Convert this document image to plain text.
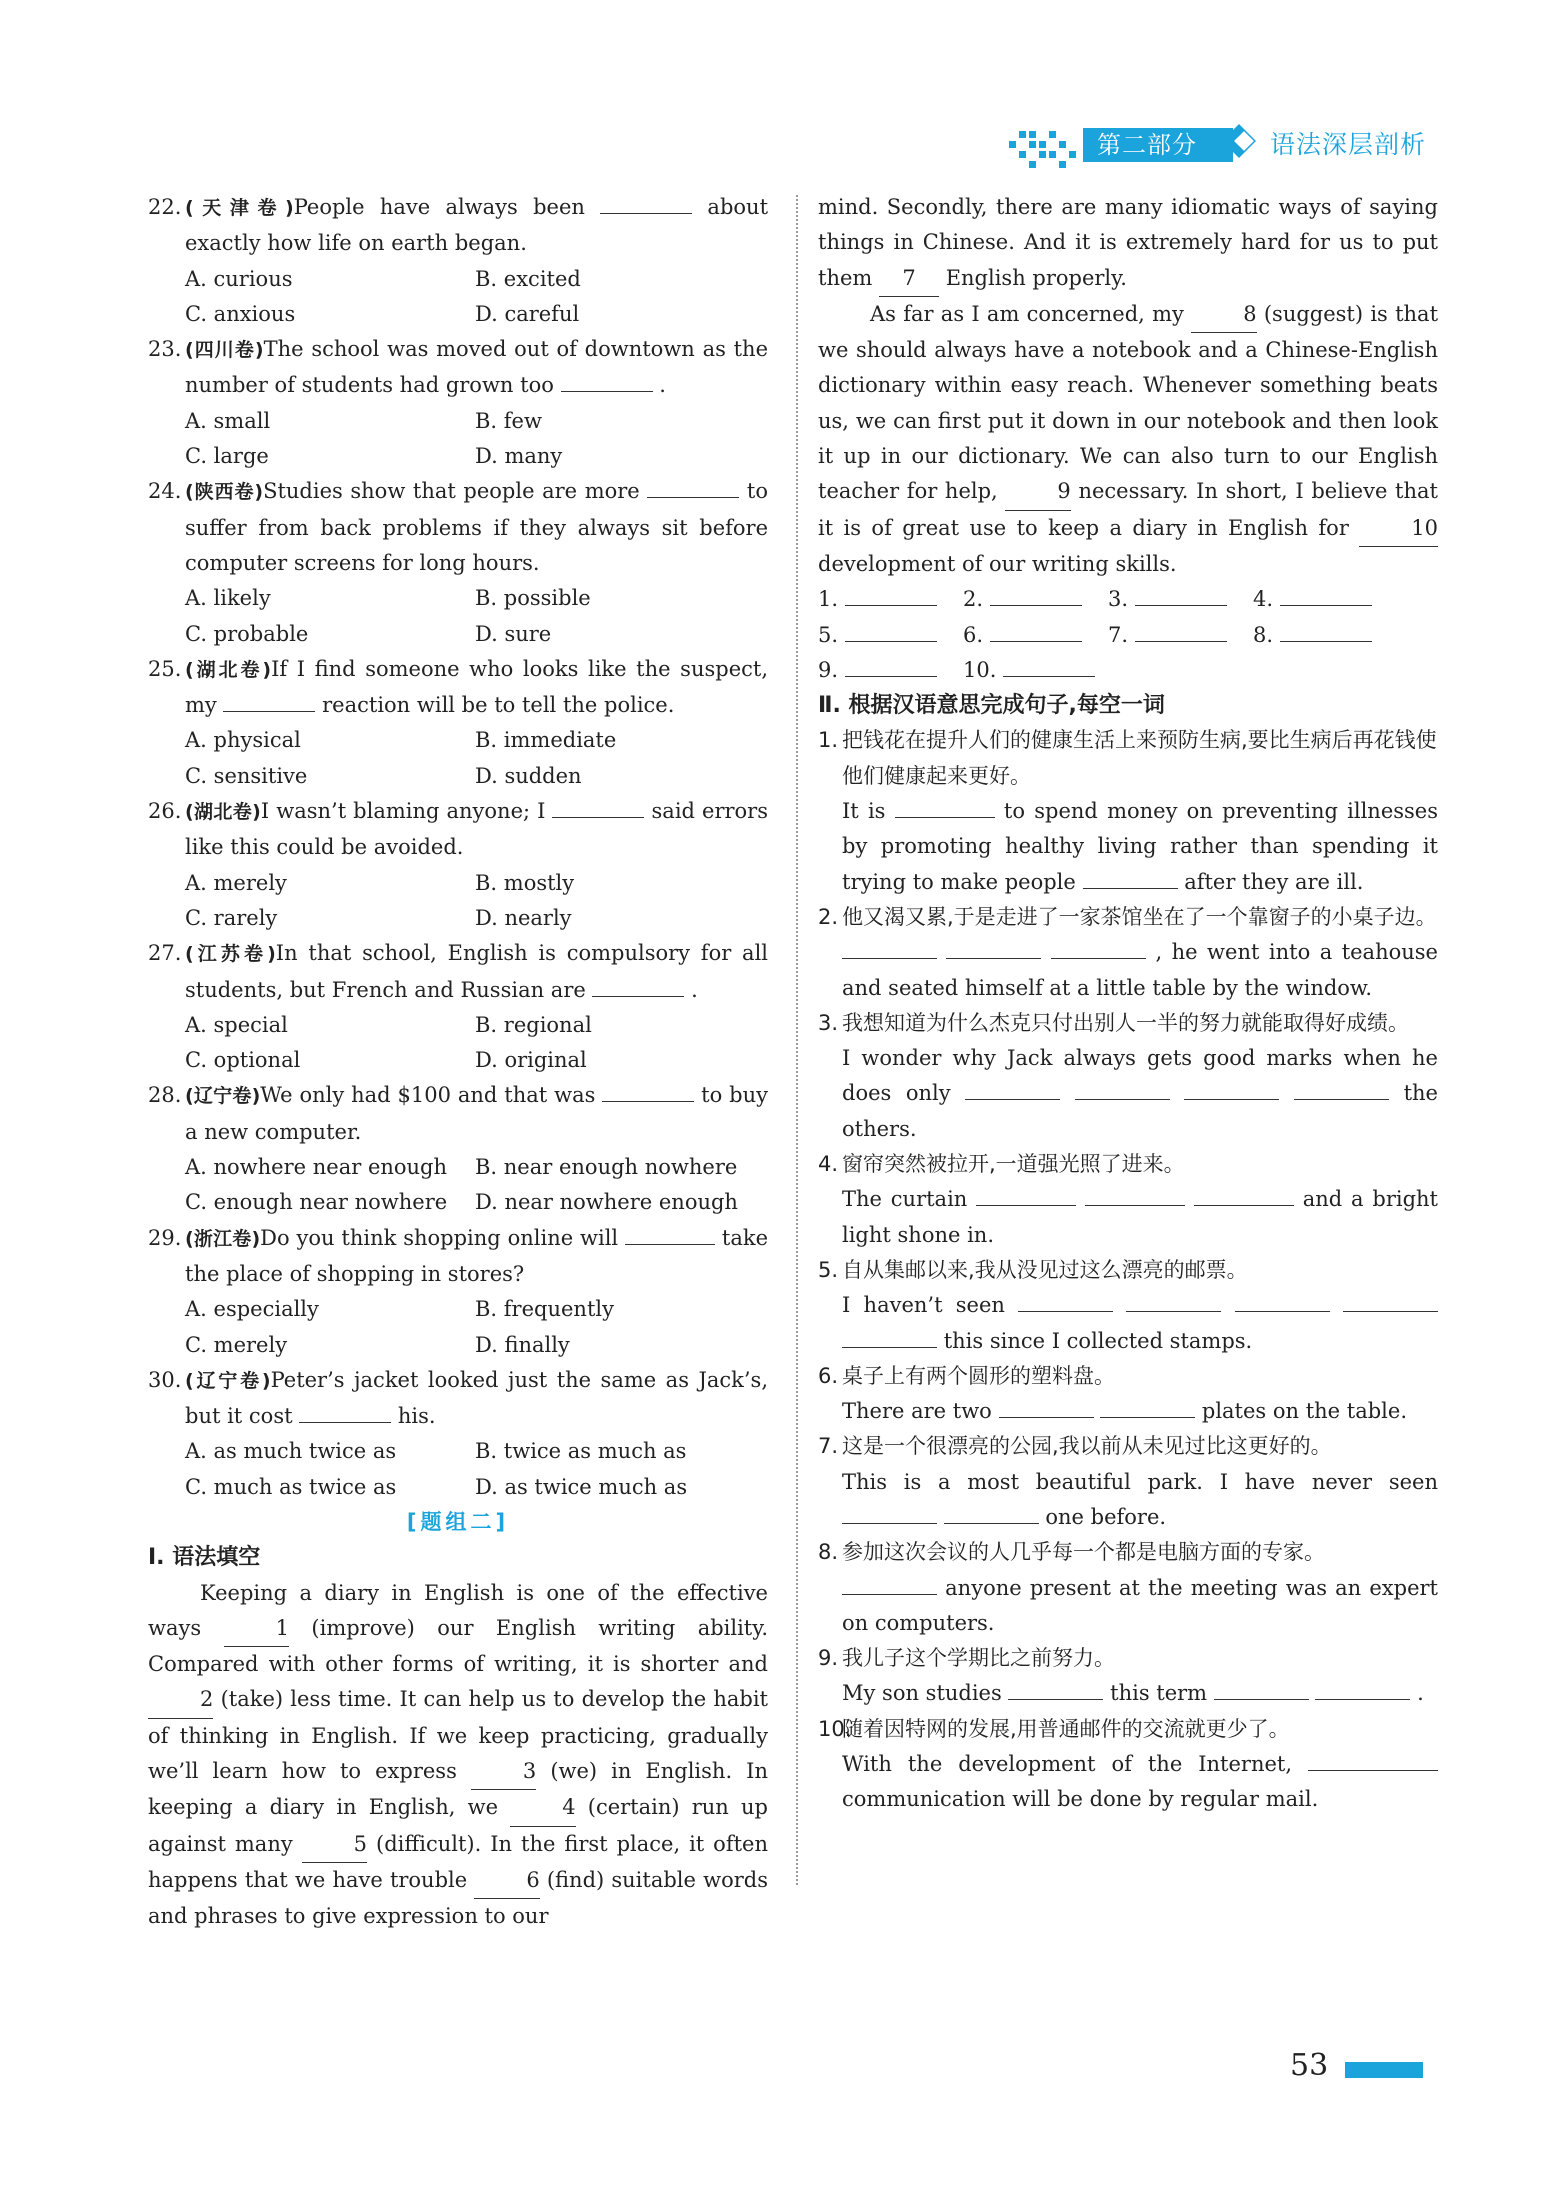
第二部分	语法深层剖析
22. (天津卷)People have always been	about exactly how life on earth began.
A. curious	B. excited
C. anxious	D. careful
23. (四川卷)The school was moved out of downtown as the number of students had grown too	.
A. small	B. few
C. large	D. many
24. (陕西卷)Studies show that people are more	to suffer from back problems if they always sit before computer screens for long hours.
A. likely	B. possible
C. probable	D. sure
25. (湖北卷)If I find someone who looks like the suspect, my	reaction will be to tell the police.
A. physical	B. immediate
C. sensitive	D. sudden
26. (湖北卷)I wasn’t blaming anyone; I	said errors like this could be avoided.
A. merely	B. mostly
C. rarely	D. nearly
27. (江苏卷)In that school, English is compulsory for all students, but French and Russian are	.
A. special	B. regional
C. optional	D. original
28. (辽宁卷)We only had $100 and that was	to buy a new computer.
A. nowhere near enough	B. near enough nowhere
C. enough near nowhere	D. near nowhere enough
29. (浙江卷)Do you think shopping online will	take the place of shopping in stores?
A. especially	B. frequently
C. merely	D. finally
30. (辽宁卷)Peter’s jacket looked just the same as Jack’s, but it cost	his.
A. as much twice as	B. twice as much as
C. much as twice as	D. as twice much as
[题组二]
Ⅰ. 语法填空

Keeping a diary in English is one of the effective ways	1 (improve) our English writing ability. Compared with other forms of writing, it is shorter and 2 (take) less time. It can help us to develop the habit of thinking in English. If we keep practicing, gradually we’ll learn how to express	3 (we) in English. In keeping a diary in English, we	4 (certain) run up against many	5 (difficult). In the first place, it often happens that we have trouble	6 (find) suitable words and phrases to give expression to our

mind. Secondly, there are many idiomatic ways of saying things in Chinese. And it is extremely hard for us to put them 7 English properly.

As far as I am concerned, my	8 (suggest) is that we should always have a notebook and a Chinese-English dictionary within easy reach. Whenever something beats us, we can first put it down in our notebook and then look it up in our dictionary. We can also turn to our English teacher for help,	9 necessary. In short, I believe that it is of great use to keep a diary in English for	10 development of our writing skills.

1.	2.	3.	4.
5.	6.	7.	8.
9.	10.
Ⅱ. 根据汉语意思完成句子,每空一词
1. 把钱花在提升人们的健康生活上来预防生病,要比生病后再花钱使他们健康起来更好。
It is	to spend money on preventing illnesses by promoting healthy living rather than spending it trying to make people	after they are ill.
2. 他又渴又累,于是走进了一家茶馆坐在了一个靠窗子的小桌子边。
, he went into a teahouse and seated himself at a little table by the window.
3. 我想知道为什么杰克只付出别人一半的努力就能取得好成绩。
I wonder why Jack always gets good marks when he does only	the others.
4. 窗帘突然被拉开,一道强光照了进来。
The curtain	and a bright light shone in.
5. 自从集邮以来,我从没见过这么漂亮的邮票。
I haven’t seen      this since I collected stamps.
6. 桌子上有两个圆形的塑料盘。
There are two	plates on the table.
7. 这是一个很漂亮的公园,我以前从未见过比这更好的。
This is a most beautiful park. I have never seen   one before.
8. 参加这次会议的人几乎每一个都是电脑方面的专家。
anyone present at the meeting was an expert on computers.
9. 我儿子这个学期比之前努力。
My son studies	this term	.
10.
随着因特网的发展,用普通邮件的交流就更少了。
With the development of the Internet,  communication will be done by regular mail.
53
